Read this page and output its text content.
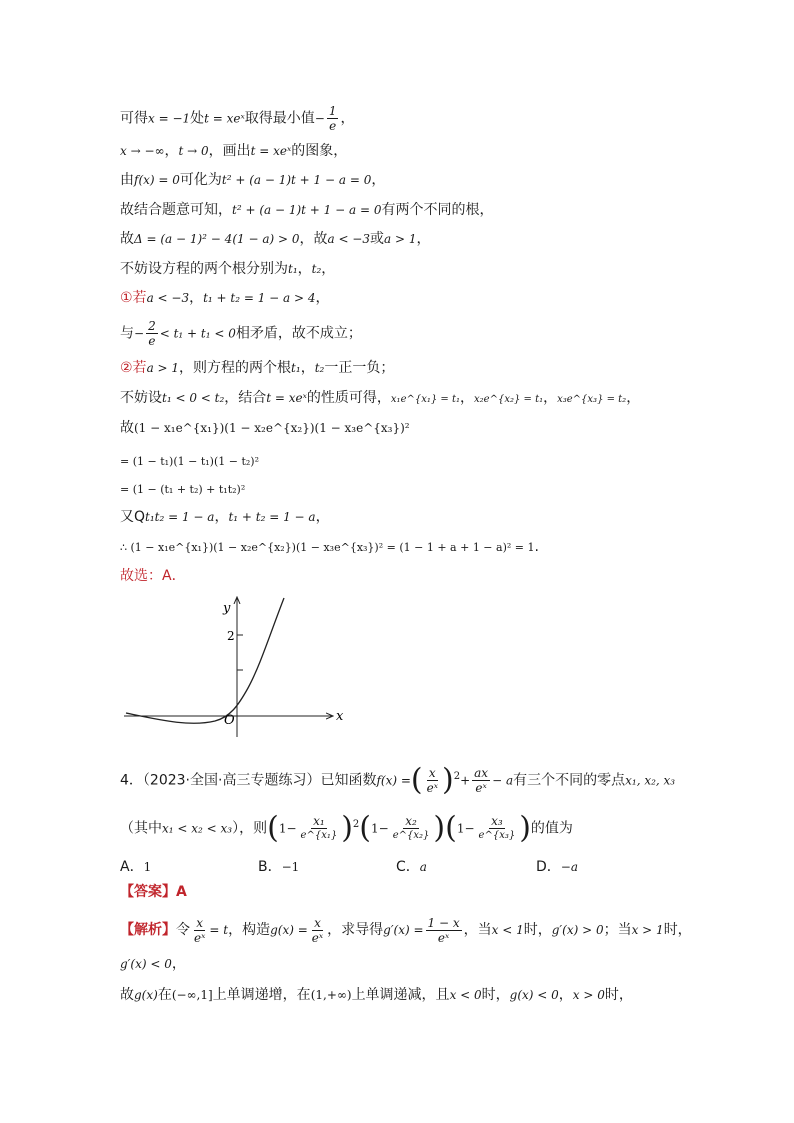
可得x = −1处t = xeˣ取得最小值− $\frac{1}{e}$ ，
x → −∞，t → 0，画出t = xeˣ的图象，
由f(x) = 0可化为t² + (a − 1)t + 1 − a = 0，
故结合题意可知，t² + (a − 1)t + 1 − a = 0有两个不同的根，
故Δ = (a − 1)² − 4(1 − a) > 0，故a < −3或a > 1，
不妨设方程的两个根分别为t₁，t₂，
①若a < −3，t₁ + t₂ = 1 − a > 4，
与− $\frac{2}{e} < t_1 + t_1 < 0$相矛盾，故不成立；
②若a > 1，则方程的两个根t₁，t₂一正一负；
不妨设t₁ < 0 < t₂，结合t = xeˣ的性质可得，x₁e^{x₁} = t₁，x₂e^{x₂} = t₁，x₃e^{x₃} = t₂，
故(1 − x₁e^{x₁})(1 − x₂e^{x₂})(1 − x₃e^{x₃})²
= (1 − t₁)(1 − t₁)(1 − t₂)²
= (1 − (t₁ + t₂) + t₁t₂)²
又Qt₁t₂ = 1 − a，t₁ + t₂ = 1 − a，
∴ (1 − x₁e^{x₁})(1 − x₂e^{x₂})(1 − x₃e^{x₃})² = (1 − 1 + a + 1 − a)² = 1.
故选：A．
y
x
O
2
4．（2023·全国·高三专题练习）已知函数f(x) =( $\frac{x}{\text{eˣ}} )^2+ \frac{ax}{\text{eˣ}} - a$有三个不同的零点x₁, x₂, x₃
（其中x₁ < x₂ < x₃），则$(1- \frac{\text{x₁}}{\text{e\textasciicircum{}\{x₁\}}} )^2(1- \frac{\text{x₂}}{\text{e\textasciicircum{}\{x₂\}}} )(1- \frac{\text{x₃}}{\text{e\textasciicircum{}\{x₃\}}}$ )的值为
A．1	B．−1	C．a	D．−a
【答案】A
【解析】令 $\frac{x}{\text{eˣ}} = t$，构造$g(x) = \frac{x}{\text{eˣ}}$ ，求导得$g'(x) = \frac{1 - x}{\text{eˣ}}$ ，当x < 1时，g′(x) > 0；当x > 1时，
g′(x) < 0，
故g(x)在(−∞,1]上单调递增，在(1,+∞)上单调递减，且x < 0时，g(x) < 0，x > 0时，
